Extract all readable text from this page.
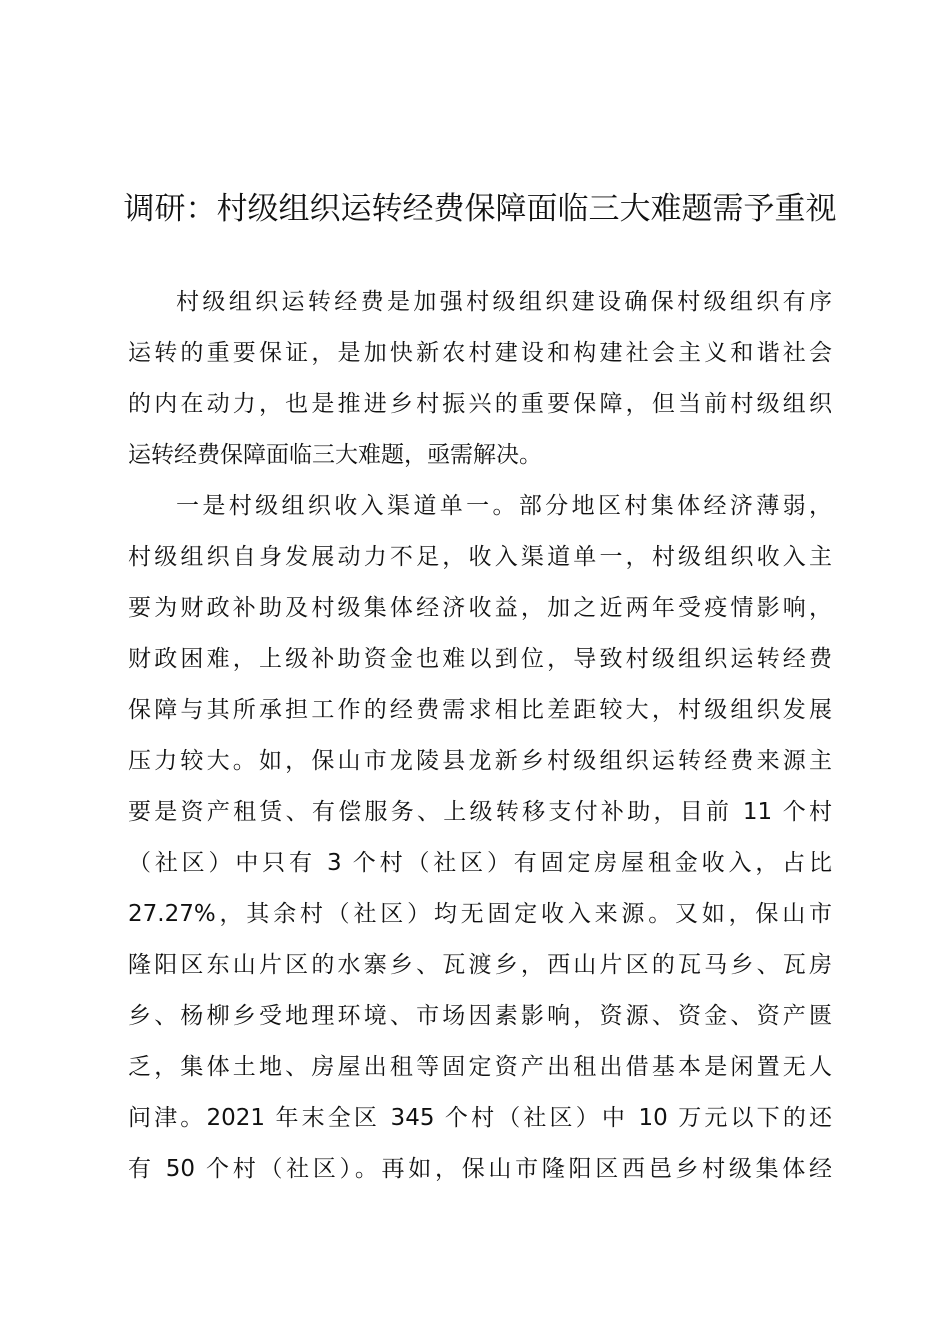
调研：村级组织运转经费保障面临三大难题需予重视

村级组织运转经费是加强村级组织建设确保村级组织有序

运转的重要保证，是加快新农村建设和构建社会主义和谐社会

的内在动力，也是推进乡村振兴的重要保障，但当前村级组织

运转经费保障面临三大难题，亟需解决。

一是村级组织收入渠道单一。部分地区村集体经济薄弱，

村级组织自身发展动力不足，收入渠道单一，村级组织收入主

要为财政补助及村级集体经济收益，加之近两年受疫情影响，

财政困难，上级补助资金也难以到位，导致村级组织运转经费

保障与其所承担工作的经费需求相比差距较大，村级组织发展

压力较大。如，保山市龙陵县龙新乡村级组织运转经费来源主

要是资产租赁、有偿服务、上级转移支付补助，目前 11 个村

（社区）中只有 3 个村（社区）有固定房屋租金收入，占比

27.27%，其余村（社区）均无固定收入来源。又如，保山市

隆阳区东山片区的水寨乡、瓦渡乡，西山片区的瓦马乡、瓦房

乡、杨柳乡受地理环境、市场因素影响，资源、资金、资产匮

乏，集体土地、房屋出租等固定资产出租出借基本是闲置无人

问津。2021 年末全区 345 个村（社区）中 10 万元以下的还

有 50 个村（社区）。再如，保山市隆阳区西邑乡村级集体经
